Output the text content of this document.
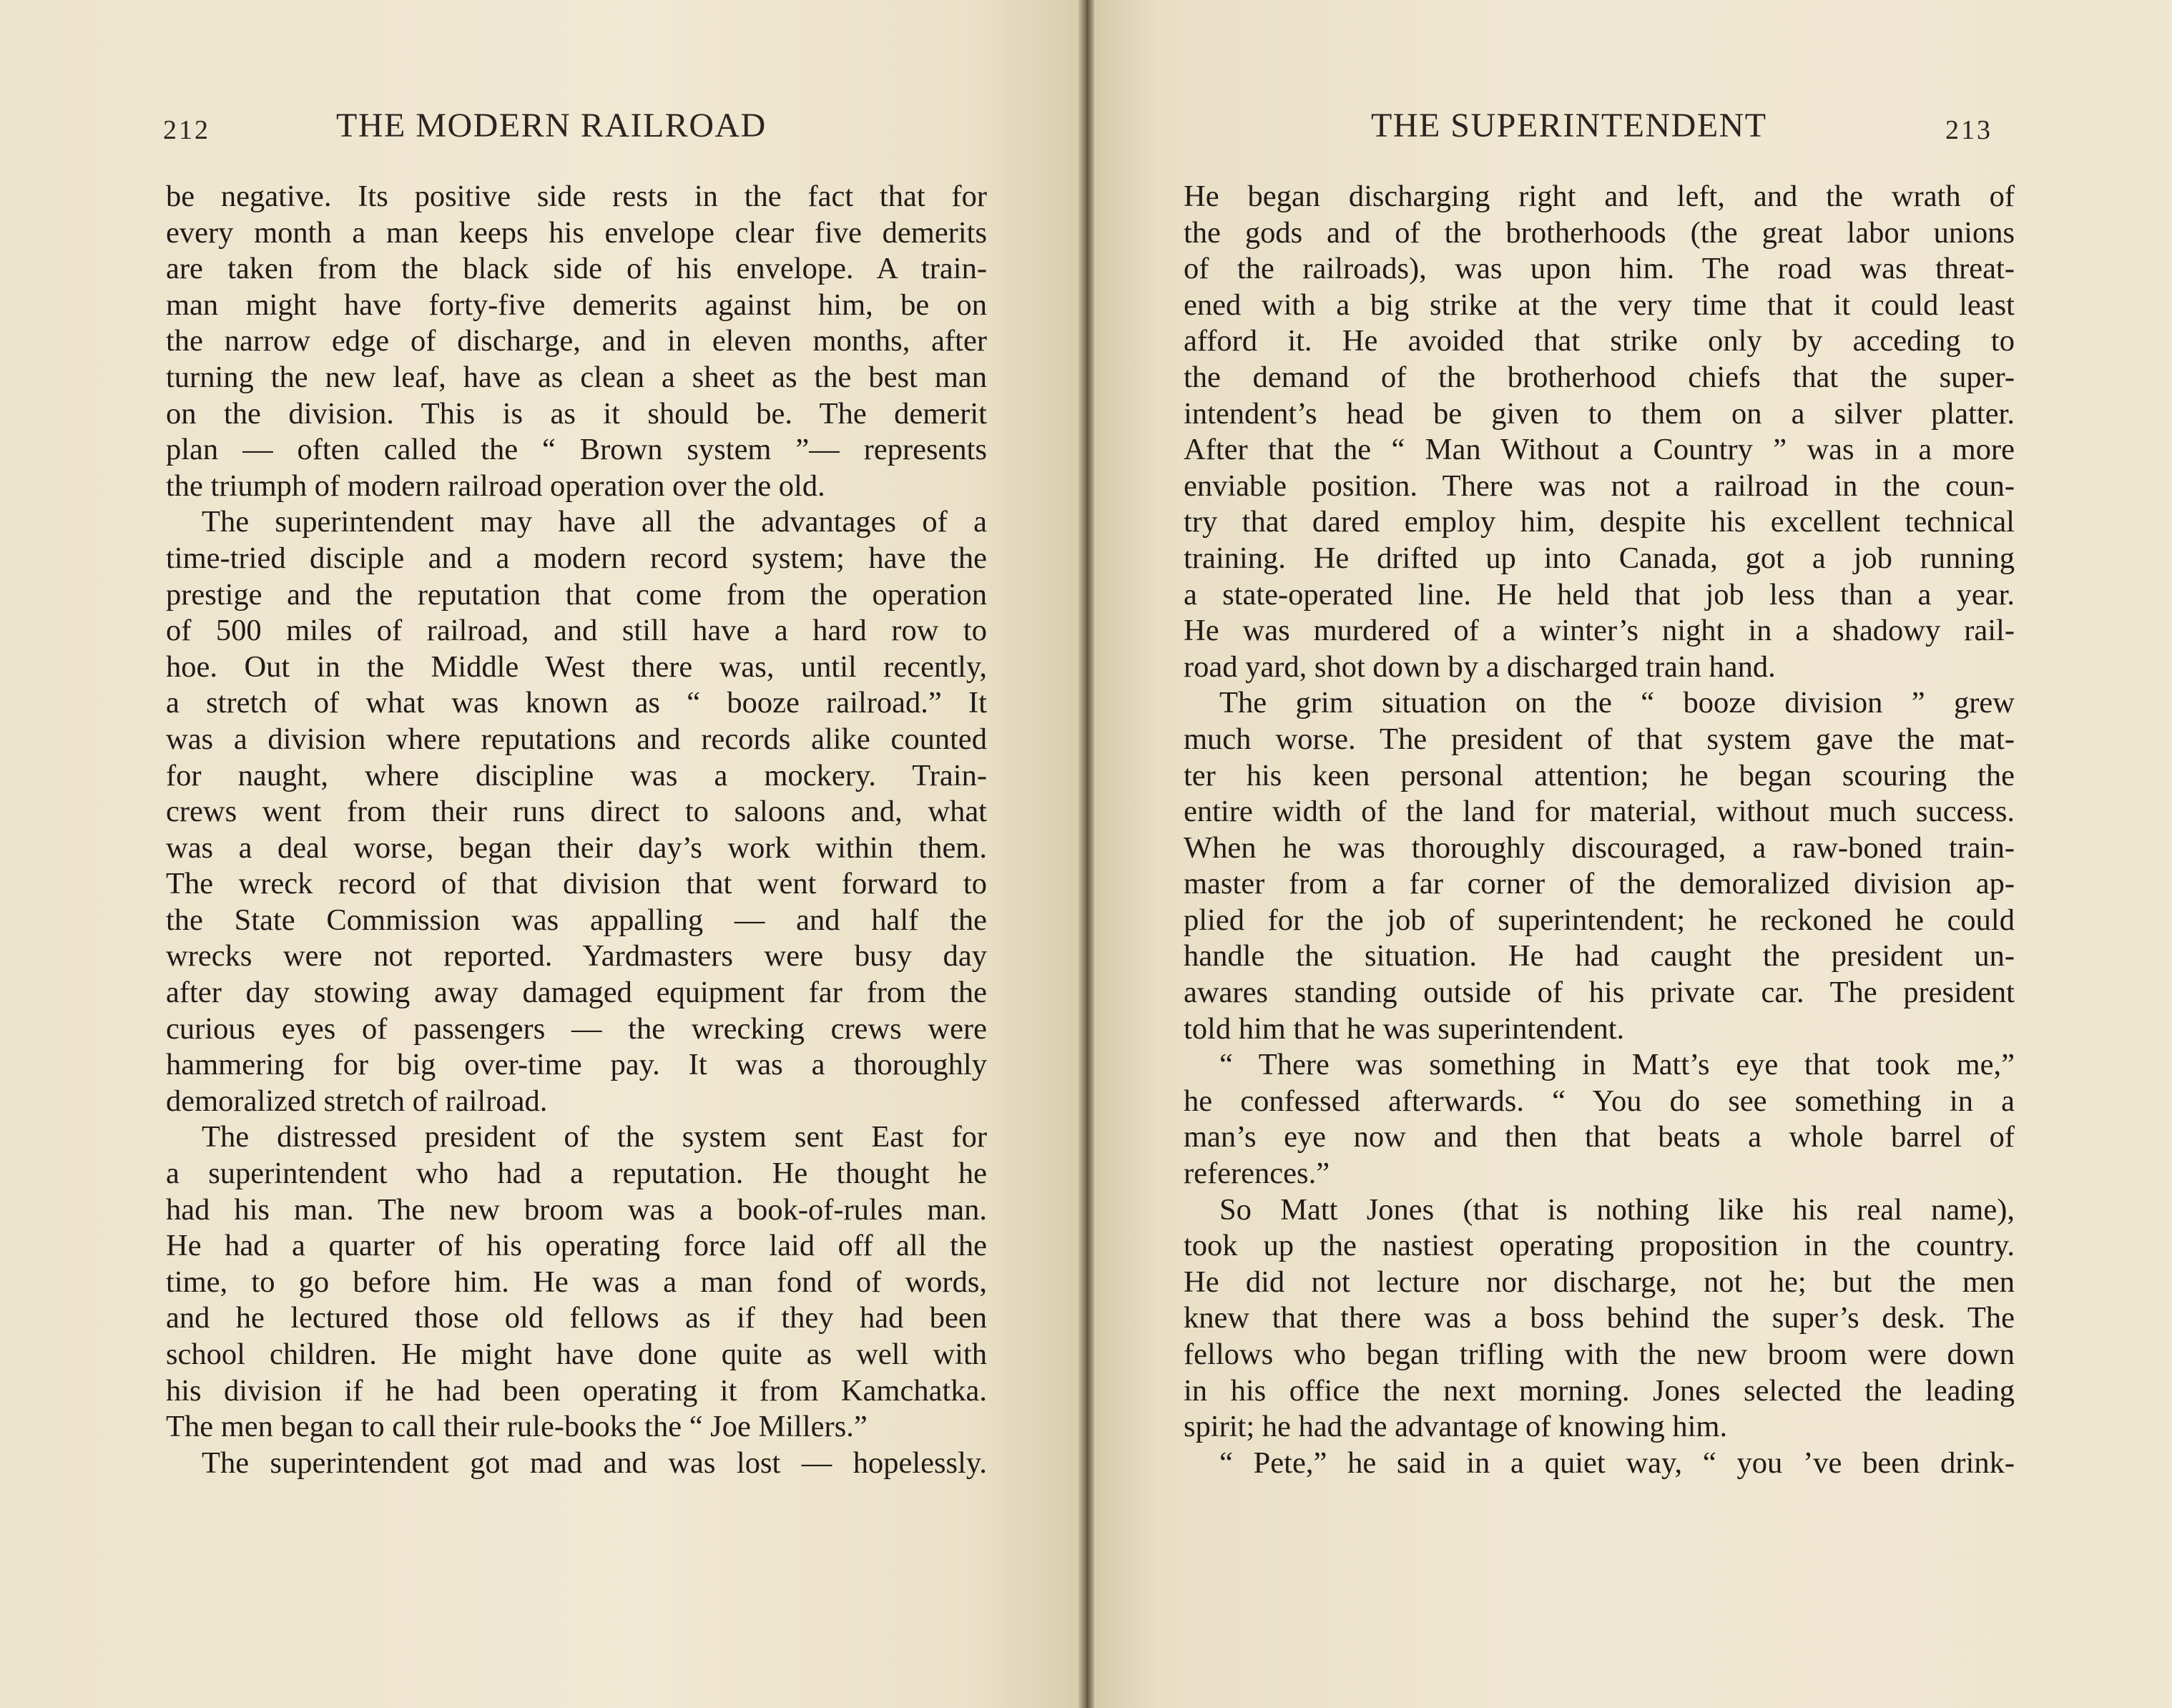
212	THE MODERN RAILROAD
be negative. Its positive side rests in the fact that for
every month a man keeps his envelope clear five demerits
are taken from the black side of his envelope. A train-
man might have forty-five demerits against him, be on
the narrow edge of discharge, and in eleven months, after
turning the new leaf, have as clean a sheet as the best man
on the division. This is as it should be. The demerit
plan — often called the “ Brown system ”— represents
the triumph of modern railroad operation over the old.
The superintendent may have all the advantages of a
time-tried disciple and a modern record system; have the
prestige and the reputation that come from the operation
of 500 miles of railroad, and still have a hard row to
hoe. Out in the Middle West there was, until recently,
a stretch of what was known as “ booze railroad.” It
was a division where reputations and records alike counted
for naught, where discipline was a mockery. Train-
crews went from their runs direct to saloons and, what
was a deal worse, began their day’s work within them.
The wreck record of that division that went forward to
the State Commission was appalling — and half the
wrecks were not reported. Yardmasters were busy day
after day stowing away damaged equipment far from the
curious eyes of passengers — the wrecking crews were
hammering for big over-time pay. It was a thoroughly
demoralized stretch of railroad.
The distressed president of the system sent East for
a superintendent who had a reputation. He thought he
had his man. The new broom was a book-of-rules man.
He had a quarter of his operating force laid off all the
time, to go before him. He was a man fond of words,
and he lectured those old fellows as if they had been
school children. He might have done quite as well with
his division if he had been operating it from Kamchatka.
The men began to call their rule-books the “ Joe Millers.”
The superintendent got mad and was lost — hopelessly.
THE SUPERINTENDENT	213
He began discharging right and left, and the wrath of
the gods and of the brotherhoods (the great labor unions
of the railroads), was upon him. The road was threat-
ened with a big strike at the very time that it could least
afford it. He avoided that strike only by acceding to
the demand of the brotherhood chiefs that the super-
intendent’s head be given to them on a silver platter.
After that the “ Man Without a Country ” was in a more
enviable position. There was not a railroad in the coun-
try that dared employ him, despite his excellent technical
training. He drifted up into Canada, got a job running
a state-operated line. He held that job less than a year.
He was murdered of a winter’s night in a shadowy rail-
road yard, shot down by a discharged train hand.
The grim situation on the “ booze division ” grew
much worse. The president of that system gave the mat-
ter his keen personal attention; he began scouring the
entire width of the land for material, without much success.
When he was thoroughly discouraged, a raw-boned train-
master from a far corner of the demoralized division ap-
plied for the job of superintendent; he reckoned he could
handle the situation. He had caught the president un-
awares standing outside of his private car. The president
told him that he was superintendent.
“ There was something in Matt’s eye that took me,”
he confessed afterwards. “ You do see something in a
man’s eye now and then that beats a whole barrel of
references.”
So Matt Jones (that is nothing like his real name),
took up the nastiest operating proposition in the country.
He did not lecture nor discharge, not he; but the men
knew that there was a boss behind the super’s desk. The
fellows who began trifling with the new broom were down
in his office the next morning. Jones selected the leading
spirit; he had the advantage of knowing him.
“ Pete,” he said in a quiet way, “ you ’ve been drink-
